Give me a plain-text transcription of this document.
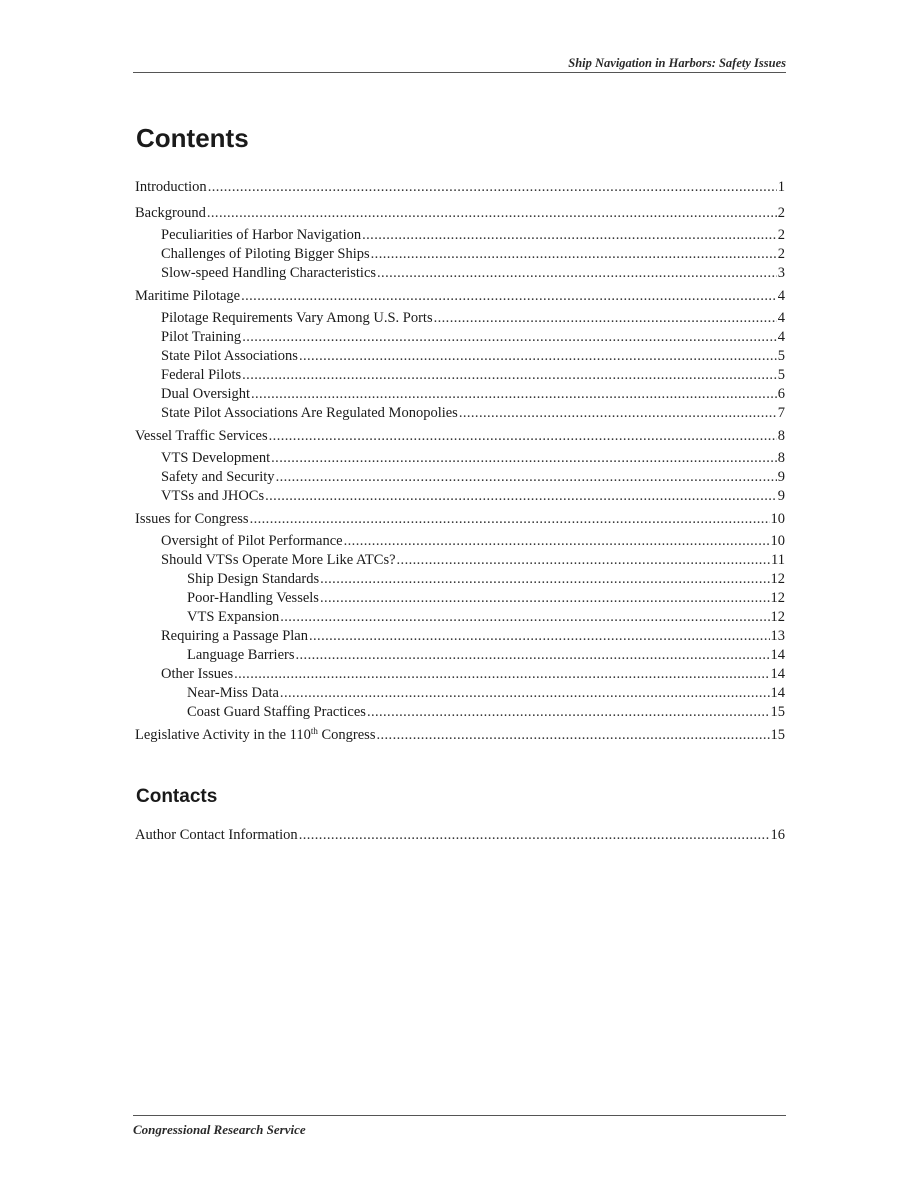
Ship Navigation in Harbors: Safety Issues
Contents
Introduction .....	1
Background .....	2
Peculiarities of Harbor Navigation .....	2
Challenges of Piloting Bigger Ships .....	2
Slow-speed Handling Characteristics .....	3
Maritime Pilotage .....	4
Pilotage Requirements Vary Among U.S. Ports .....	4
Pilot Training .....	4
State Pilot Associations .....	5
Federal Pilots .....	5
Dual Oversight .....	6
State Pilot Associations Are Regulated Monopolies .....	7
Vessel Traffic Services .....	8
VTS Development .....	8
Safety and Security .....	9
VTSs and JHOCs .....	9
Issues for Congress .....	10
Oversight of Pilot Performance .....	10
Should VTSs Operate More Like ATCs? .....	11
Ship Design Standards .....	12
Poor-Handling Vessels .....	12
VTS Expansion .....	12
Requiring a Passage Plan .....	13
Language Barriers .....	14
Other Issues .....	14
Near-Miss Data .....	14
Coast Guard Staffing Practices .....	15
Legislative Activity in the 110th Congress .....	15
Contacts
Author Contact Information .....	16
Congressional Research Service
